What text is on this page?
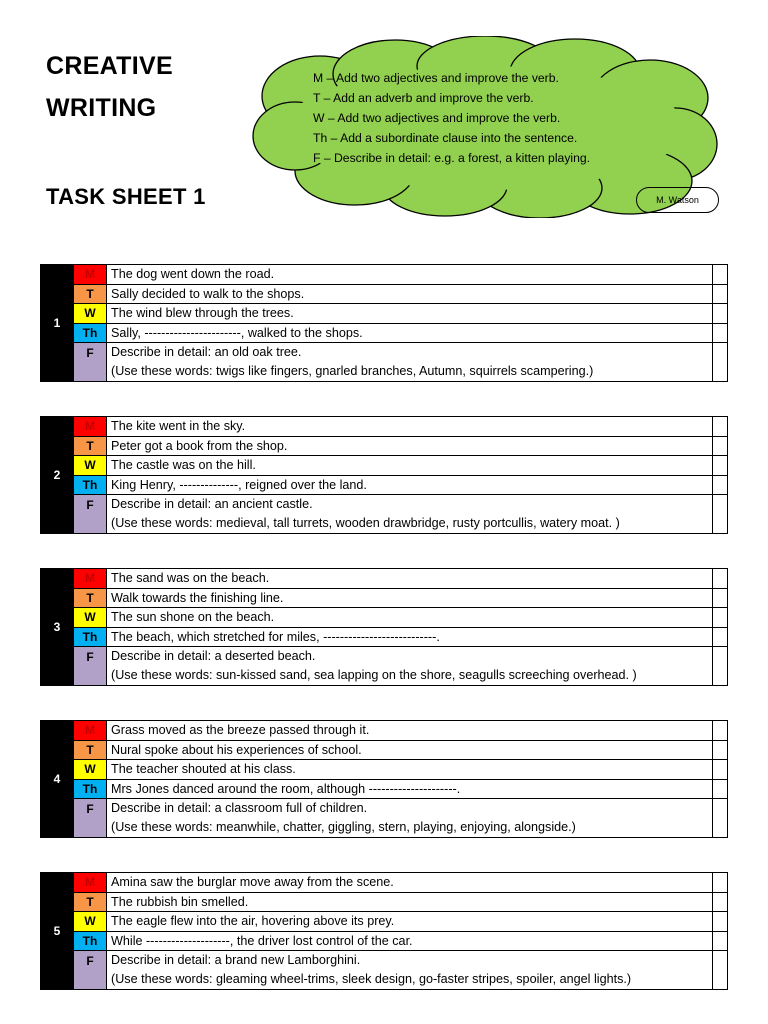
CREATIVE
WRITING
TASK SHEET 1
M – Add two adjectives and improve the verb.
T – Add an adverb and improve the verb.
W – Add two adjectives and improve the verb.
Th – Add a subordinate clause into the sentence.
F – Describe in detail: e.g. a forest, a kitten playing.
M. Watson
1	M	The dog went down the road.	
	T	Sally decided to walk to the shops.	
	W	The wind blew through the trees.	
	Th	Sally, -----------------------, walked to the shops.	
	F	Describe in detail: an old oak tree.
(Use these words: twigs like fingers, gnarled branches, Autumn, squirrels scampering.)	

2	M	The kite went in the sky.	
	T	Peter got a book from the shop.	
	W	The castle was on the hill.	
	Th	King Henry, --------------, reigned over the land.	
	F	Describe in detail: an ancient castle.
(Use these words: medieval, tall turrets, wooden drawbridge, rusty portcullis, watery moat. )	

3	M	The sand was on the beach.	
	T	Walk towards the finishing line.	
	W	The sun shone on the beach.	
	Th	The beach, which stretched for miles, ---------------------------.	
	F	Describe in detail: a deserted beach.
(Use these words: sun-kissed sand, sea lapping on the shore, seagulls screeching overhead. )	

4	M	Grass moved as the breeze passed through it.	
	T	Nural spoke about his experiences of school.	
	W	The teacher shouted at his class.	
	Th	Mrs Jones danced around the room, although ---------------------.	
	F	Describe in detail: a classroom full of children.
(Use these words: meanwhile, chatter, giggling, stern, playing, enjoying, alongside.)	

5	M	Amina saw the burglar move away from the scene.	
	T	The rubbish bin smelled.	
	W	The eagle flew into the air, hovering above its prey.	
	Th	While --------------------, the driver lost control of the car.	
	F	Describe in detail: a brand new Lamborghini.
(Use these words: gleaming wheel-trims, sleek design, go-faster stripes, spoiler, angel lights.)	
